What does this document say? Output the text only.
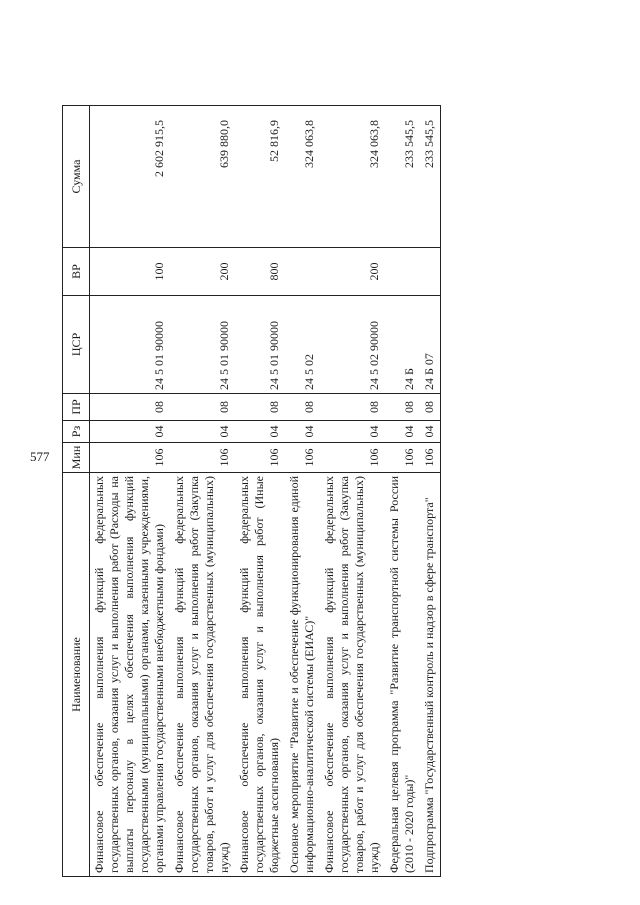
577
Наименование	Мин	Рз	ПР	ЦСР	ВР	Сумма
Финансовое обеспечение выполнения функций федеральных государственных органов, оказания услуг и выполнения работ (Расходы на выплаты персоналу в целях обеспечения выполнения функций государственными (муниципальными) органами, казенными учреждениями, органами управления государственными внебюджетными фондами)	106	04	08	24 5 01 90000	100	2 602 915,5
Финансовое обеспечение выполнения функций федеральных государственных органов, оказания услуг и выполнения работ (Закупка товаров, работ и услуг для обеспечения государственных (муниципальных) нужд)	106	04	08	24 5 01 90000	200	639 880,0
Финансовое обеспечение выполнения функций федеральных государственных органов, оказания услуг и выполнения работ (Иные бюджетные ассигнования)	106	04	08	24 5 01 90000	800	52 816,9
Основное мероприятие "Развитие и обеспечение функционирования единой информационно-аналитической системы (ЕИАС)"	106	04	08	24 5 02		324 063,8
Финансовое обеспечение выполнения функций федеральных государственных органов, оказания услуг и выполнения работ (Закупка товаров, работ и услуг для обеспечения государственных (муниципальных) нужд)	106	04	08	24 5 02 90000	200	324 063,8
Федеральная целевая программа "Развитие транспортной системы России (2010 - 2020 годы)"	106	04	08	24 Б		233 545,5
Подпрограмма "Государственный контроль и надзор в сфере транспорта"	106	04	08	24 Б 07		233 545,5
